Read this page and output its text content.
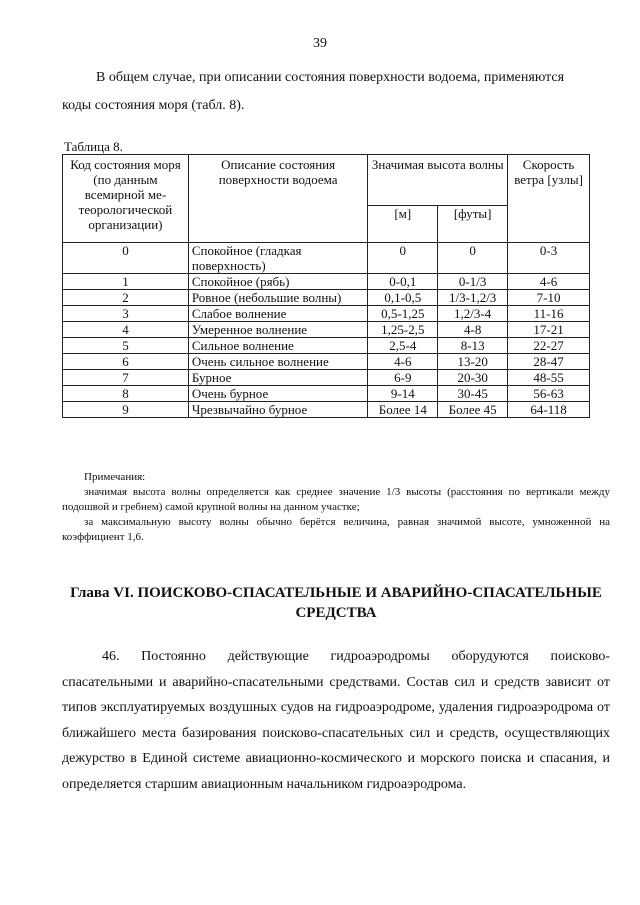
39
В общем случае, при описании состояния поверхности водоема, применяются
коды состояния моря (табл. 8).
Таблица 8.
Код состояния моря (по данным всемирной ме-теорологической организации)	Описание состояния поверхности водоема	Значимая высота волны		Скорость ветра [узлы]
		[м]	[футы]	
0	Спокойное (гладкая поверхность)	0	0	0-3
1	Спокойное (рябь)	0-0,1	0-1/3	4-6
2	Ровное (небольшие волны)	0,1-0,5	1/3-1,2/3	7-10
3	Слабое волнение	0,5-1,25	1,2/3-4	11-16
4	Умеренное волнение	1,25-2,5	4-8	17-21
5	Сильное волнение	2,5-4	8-13	22-27
6	Очень сильное волнение	4-6	13-20	28-47
7	Бурное	6-9	20-30	48-55
8	Очень бурное	9-14	30-45	56-63
9	Чрезвычайно бурное	Более 14	Более 45	64-118

Примечания:

значимая высота волны определяется как среднее значение 1/3 высоты (расстояния по вертикали между подошвой и гребнем) самой крупной волны на данном участке;

за максимальную высоту волны обычно берётся величина, равная значимой высоте, умноженной на коэффициент 1,6.

Глава VI. ПОИСКОВО-СПАСАТЕЛЬНЫЕ И АВАРИЙНО-СПАСАТЕЛЬНЫЕ
СРЕДСТВА

46. Постоянно действующие гидроаэродромы оборудуются поисково-спасательными и аварийно-спасательными средствами. Состав сил и средств зависит от типов эксплуатируемых воздушных судов на гидроаэродроме, удаления гидроаэродрома от ближайшего места базирования поисково-спасательных сил и средств, осуществляющих дежурство в Единой системе авиационно-космического и морского поиска и спасания, и определяется старшим авиационным начальником гидроаэродрома.
